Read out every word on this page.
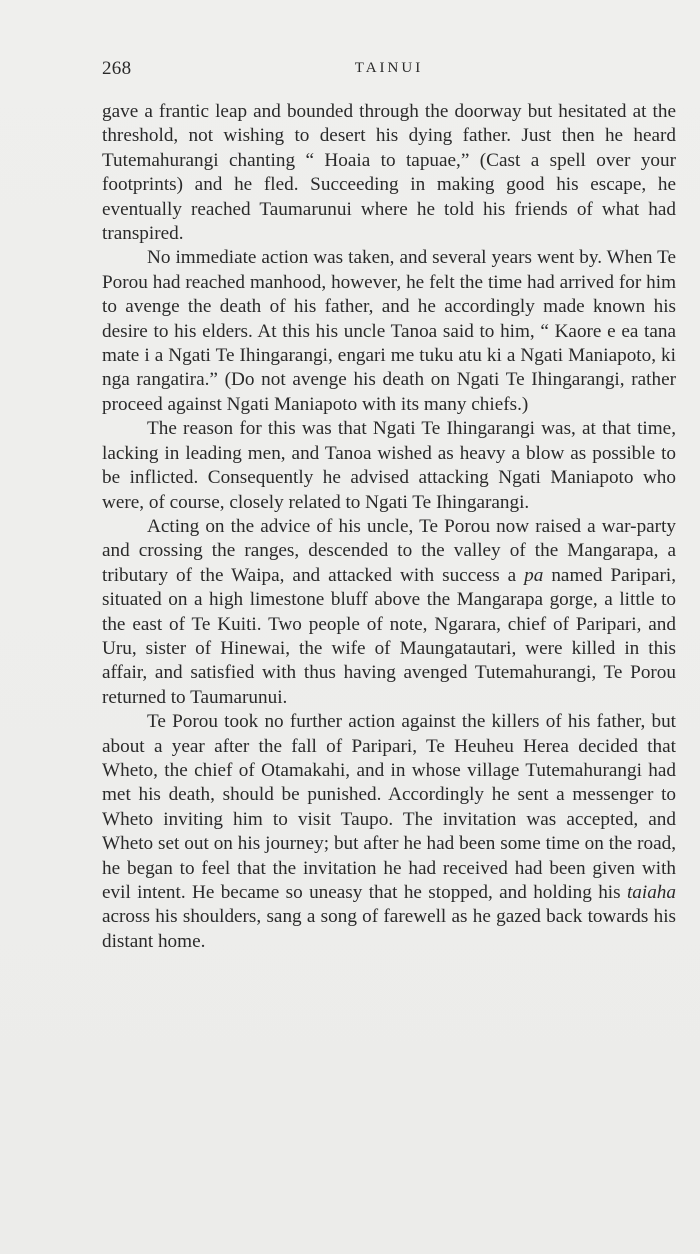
268	TAINUI

gave a frantic leap and bounded through the doorway but hesitated at the threshold, not wishing to desert his dying father. Just then he heard Tutemahurangi chanting “ Hoaia to tapuae,” (Cast a spell over your footprints) and he fled. Succeeding in making good his escape, he eventually reached Taumarunui where he told his friends of what had transpired.

No immediate action was taken, and several years went by. When Te Porou had reached manhood, however, he felt the time had arrived for him to avenge the death of his father, and he accordingly made known his desire to his elders. At this his uncle Tanoa said to him, “ Kaore e ea tana mate i a Ngati Te Ihingarangi, engari me tuku atu ki a Ngati Maniapoto, ki nga rangatira.” (Do not avenge his death on Ngati Te Ihingarangi, rather proceed against Ngati Maniapoto with its many chiefs.)

The reason for this was that Ngati Te Ihingarangi was, at that time, lacking in leading men, and Tanoa wished as heavy a blow as possible to be inflicted. Consequently he advised attacking Ngati Maniapoto who were, of course, closely related to Ngati Te Ihingarangi.

Acting on the advice of his uncle, Te Porou now raised a war-party and crossing the ranges, descended to the valley of the Mangarapa, a tributary of the Waipa, and attacked with success a pa named Paripari, situated on a high limestone bluff above the Mangarapa gorge, a little to the east of Te Kuiti. Two people of note, Ngarara, chief of Paripari, and Uru, sister of Hinewai, the wife of Maungatautari, were killed in this affair, and satisfied with thus having avenged Tutemahurangi, Te Porou returned to Taumarunui.

Te Porou took no further action against the killers of his father, but about a year after the fall of Paripari, Te Heuheu Herea decided that Wheto, the chief of Otamakahi, and in whose village Tutemahurangi had met his death, should be punished. Accordingly he sent a messenger to Wheto inviting him to visit Taupo. The invitation was accepted, and Wheto set out on his journey; but after he had been some time on the road, he began to feel that the invitation he had received had been given with evil intent. He became so uneasy that he stopped, and holding his taiaha across his shoulders, sang a song of farewell as he gazed back towards his distant home.
